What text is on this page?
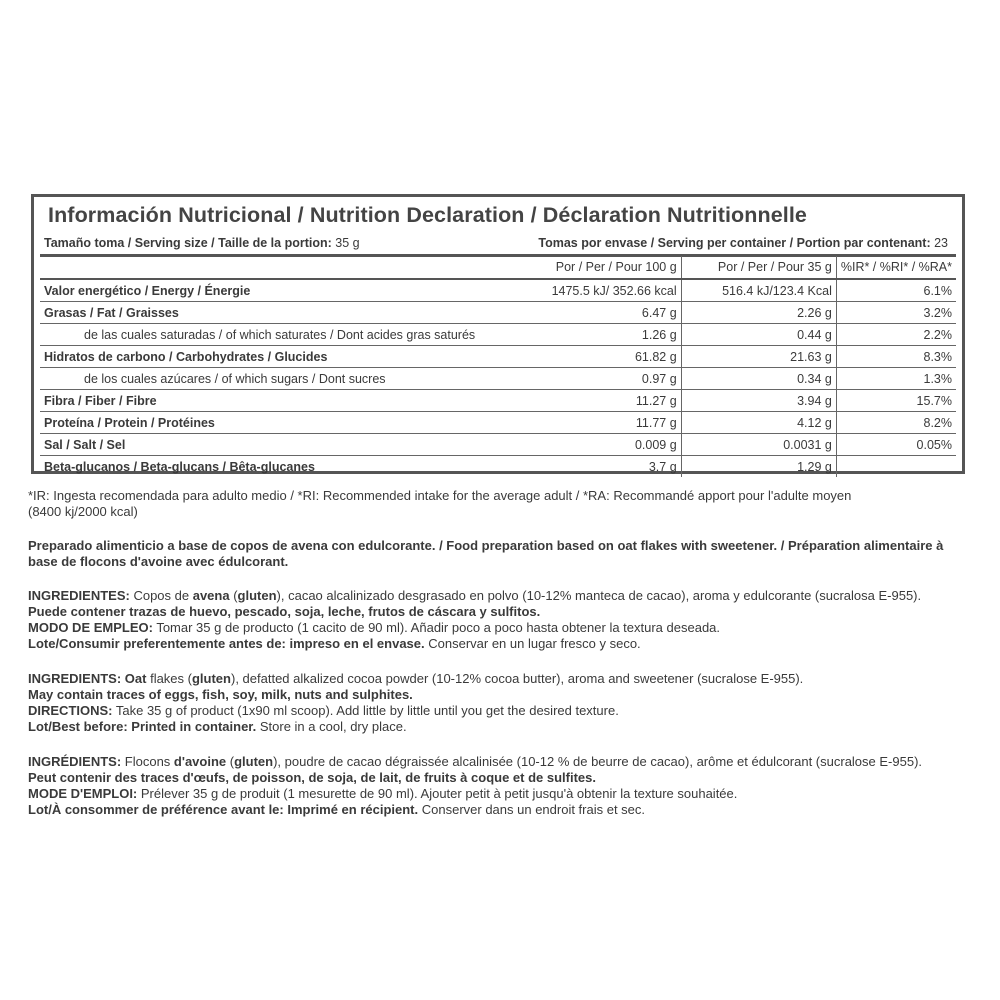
Información Nutricional / Nutrition Declaration / Déclaration Nutritionnelle
Tamaño toma / Serving size / Taille de la portion: 35 g	Tomas por envase / Serving per container / Portion par contenant: 23
	Por / Per / Pour 100 g	Por / Per / Pour 35 g	%IR* / %RI* / %RA*
Valor energético / Energy / Énergie	1475.5 kJ/ 352.66 kcal	516.4 kJ/123.4 Kcal	6.1%
Grasas / Fat / Graisses	6.47 g	2.26 g	3.2%
de las cuales saturadas / of which saturates / Dont acides gras saturés	1.26 g	0.44 g	2.2%
Hidratos de carbono / Carbohydrates / Glucides	61.82 g	21.63 g	8.3%
de los cuales azúcares / of which sugars / Dont sucres	0.97 g	0.34 g	1.3%
Fibra / Fiber / Fibre	11.27 g	3.94 g	15.7%
Proteína / Protein / Protéines	11.77 g	4.12 g	8.2%
Sal / Salt / Sel	0.009 g	0.0031 g	0.05%
Beta-glucanos / Beta-glucans / Bêta-glucanes	3.7 g	1.29 g	

*IR: Ingesta recomendada para adulto medio / *RI: Recommended intake for the average adult / *RA: Recommandé apport pour l'adulte moyen

(8400 kj/2000 kcal)

Preparado alimenticio a base de copos de avena con edulcorante. / Food preparation based on oat flakes with sweetener. / Préparation alimentaire à base de flocons d'avoine avec édulcorant.

INGREDIENTES: Copos de avena (gluten), cacao alcalinizado desgrasado en polvo (10-12% manteca de cacao), aroma y edulcorante (sucralosa E-955).

Puede contener trazas de huevo, pescado, soja, leche, frutos de cáscara y sulfitos.

MODO DE EMPLEO: Tomar 35 g de producto (1 cacito de 90 ml). Añadir poco a poco hasta obtener la textura deseada.

Lote/Consumir preferentemente antes de: impreso en el envase. Conservar en un lugar fresco y seco.

INGREDIENTS: Oat flakes (gluten), defatted alkalized cocoa powder (10-12% cocoa butter), aroma and sweetener (sucralose E-955).

May contain traces of eggs, fish, soy, milk, nuts and sulphites.

DIRECTIONS: Take 35 g of product (1x90 ml scoop). Add little by little until you get the desired texture.

Lot/Best before: Printed in container. Store in a cool, dry place.

INGRÉDIENTS: Flocons d'avoine (gluten), poudre de cacao dégraissée alcalinisée (10-12 % de beurre de cacao), arôme et édulcorant (sucralose E-955).

Peut contenir des traces d'œufs, de poisson, de soja, de lait, de fruits à coque et de sulfites.

MODE D'EMPLOI: Prélever 35 g de produit (1 mesurette de 90 ml). Ajouter petit à petit jusqu'à obtenir la texture souhaitée.

Lot/À consommer de préférence avant le: Imprimé en récipient. Conserver dans un endroit frais et sec.
